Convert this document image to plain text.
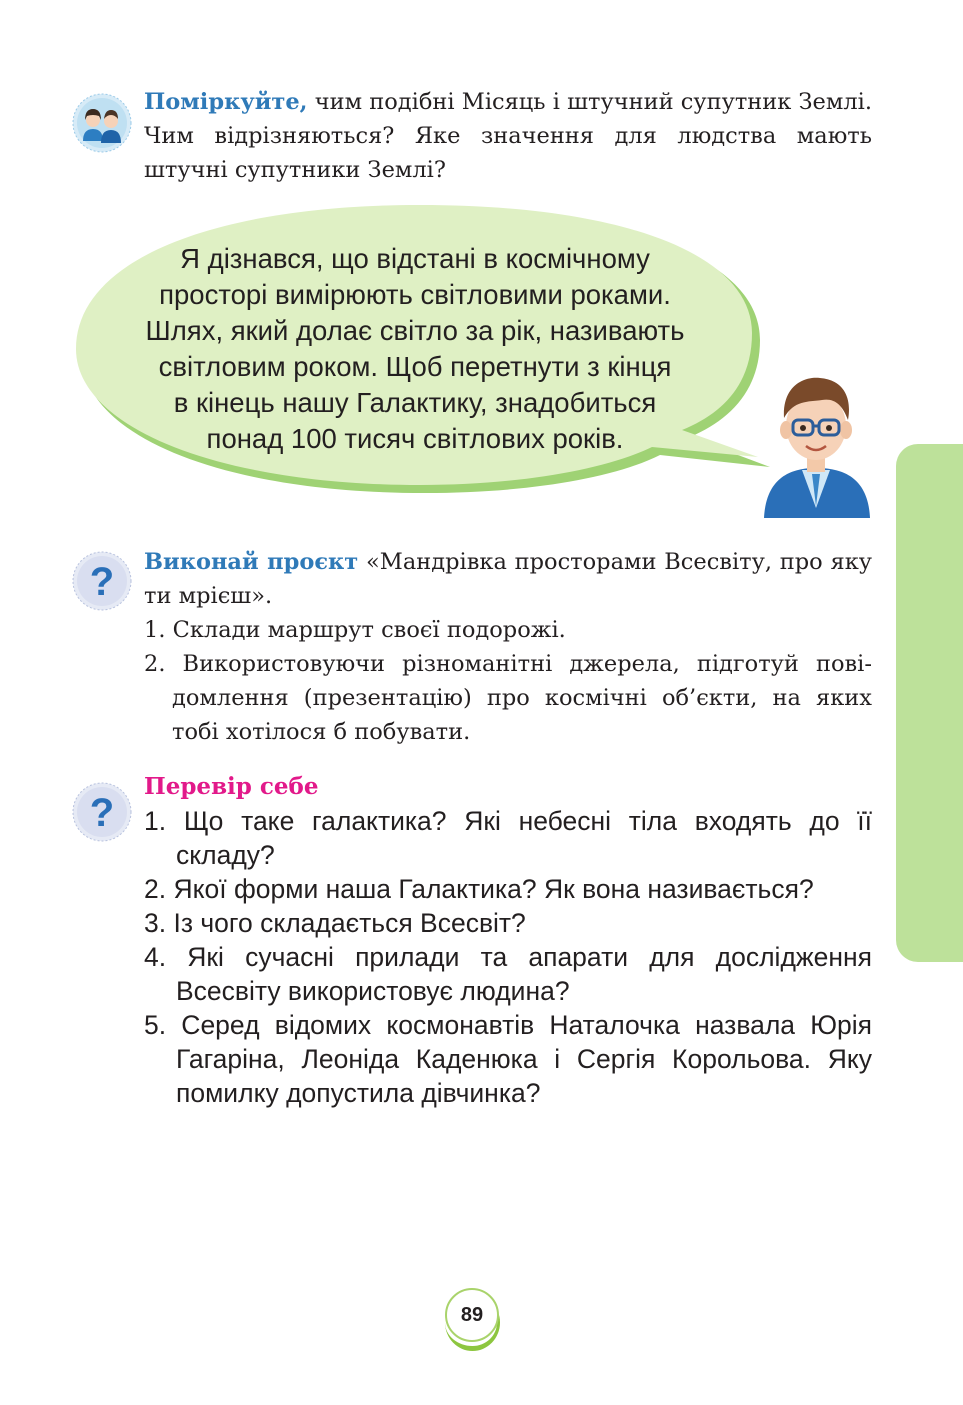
Поміркуйте, чим подібні Місяць і штучний супутник Землі. Чим відрізняються? Яке значення для людства мають штучні супутники Землі?
Я дізнався, що відстані в космічному
просторі вимірюють світловими роками.
Шлях, який долає світло за рік, називають
світловим роком. Щоб перетнути з кінця
в кінець нашу Галактику, знадобиться
понад 100 тисяч світлових років.
? Виконай проєкт «Мандрівка просторами Всесвіту, про яку ти мрієш».
1. Склади маршрут своєї подорожі.
2. Використовуючи різноманітні джерела, підготуй повідомлення (презентацію) про космічні об’єкти, на яких тобі хотілося б побувати.
?
Перевір себе
1. Що таке галактика? Які небесні тіла входять до її складу?
2. Якої форми наша Галактика? Як вона називається?
3. Із чого складається Всесвіт?
4. Які сучасні прилади та апарати для дослідження Всесвіту використовує людина?
5. Серед відомих космонавтів Наталочка назвала Юрія Гагаріна, Леоніда Каденюка і Сергія Корольова. Яку помилку допустила дівчинка?
89
